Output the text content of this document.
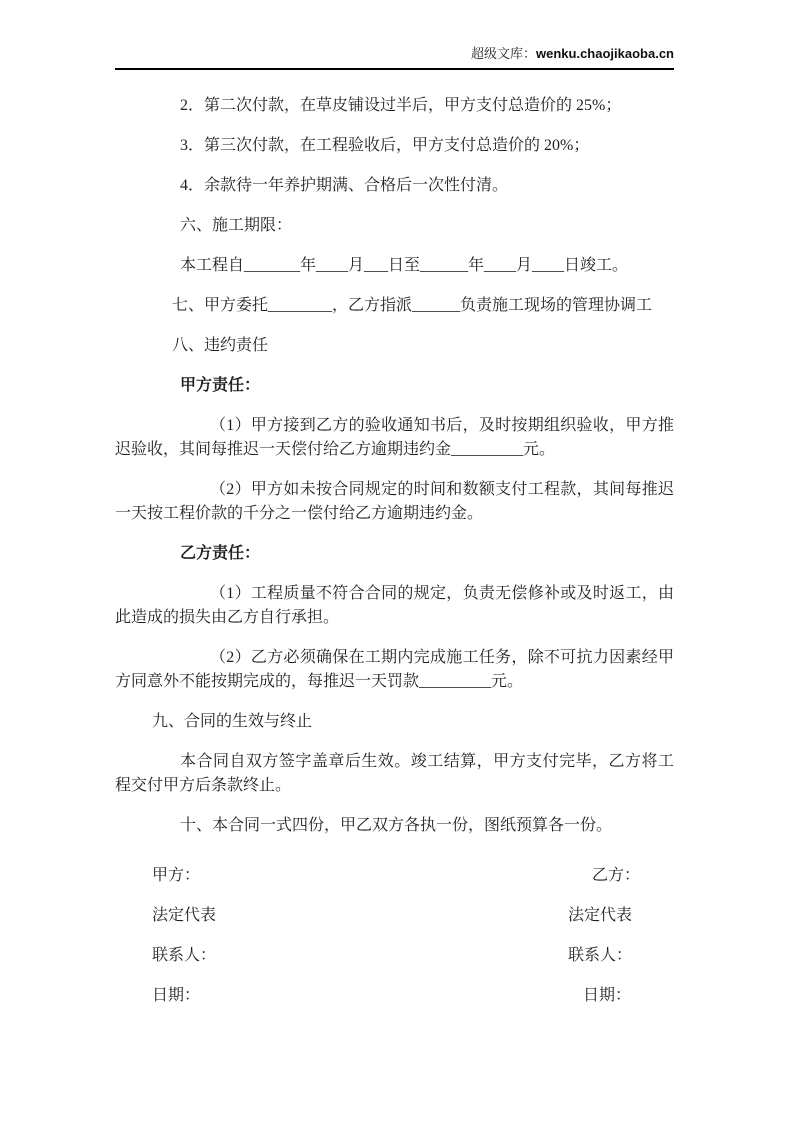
超级文库：wenku.chaojikaoba.cn

2．第二次付款，在草皮铺设过半后，甲方支付总造价的 25%；

3．第三次付款，在工程验收后，甲方支付总造价的 20%；

4．余款待一年养护期满、合格后一次性付清。

六、施工期限：

本工程自_______年____月___日至______年____月____日竣工。

七、甲方委托________，乙方指派______负责施工现场的管理协调工

八、违约责任

甲方责任：

（1）甲方接到乙方的验收通知书后，及时按期组织验收，甲方推迟验收，其间每推迟一天偿付给乙方逾期违约金_________元。

（2）甲方如未按合同规定的时间和数额支付工程款，其间每推迟一天按工程价款的千分之一偿付给乙方逾期违约金。

乙方责任：

（1）工程质量不符合合同的规定，负责无偿修补或及时返工，由此造成的损失由乙方自行承担。

（2）乙方必须确保在工期内完成施工任务，除不可抗力因素经甲方同意外不能按期完成的，每推迟一天罚款_________元。

九、合同的生效与终止

本合同自双方签字盖章后生效。竣工结算，甲方支付完毕，乙方将工程交付甲方后条款终止。

十、本合同一式四份，甲乙双方各执一份，图纸预算各一份。

甲方：	乙方：
法定代表	法定代表
联系人：	联系人：
日期：	日期：
